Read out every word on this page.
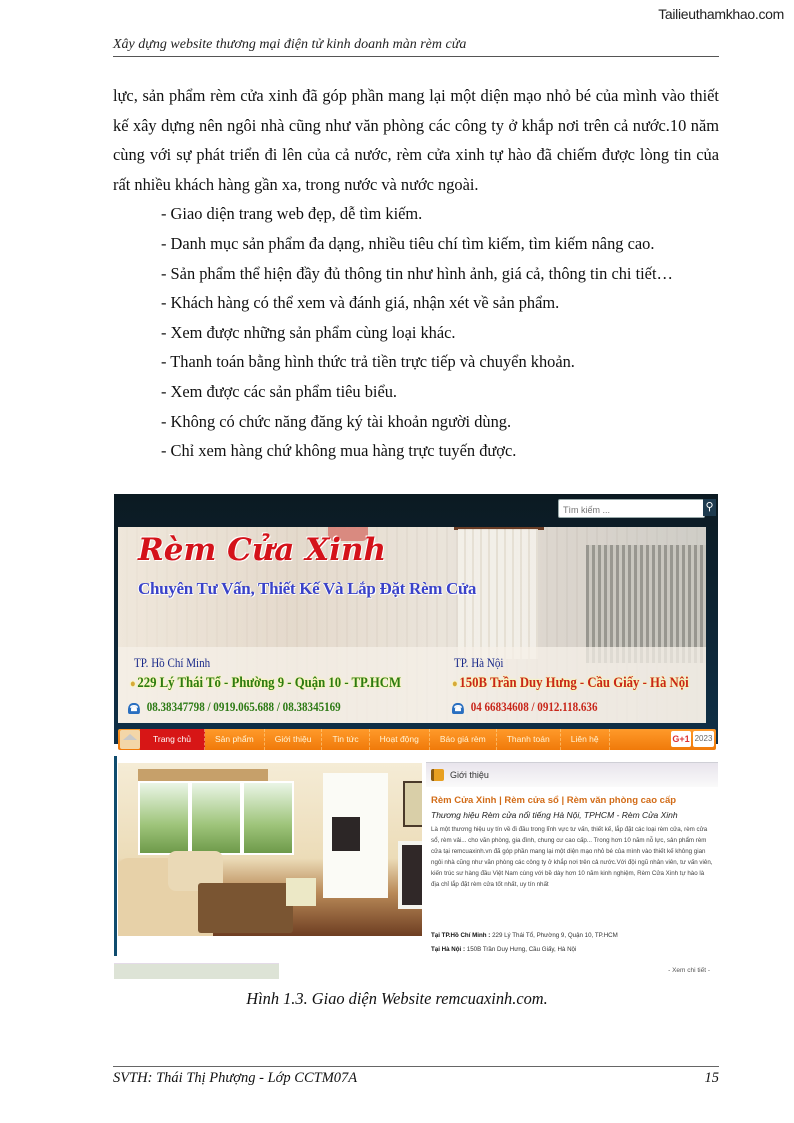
Tailieuthamkhao.com
Xây dựng website thương mại điện tử kinh doanh màn rèm cửa

lực, sản phẩm rèm cửa xinh đã góp phần mang lại một diện mạo nhỏ bé của mình vào thiết kế xây dựng nên ngôi nhà cũng như văn phòng các công ty ở khắp nơi trên cả nước.10 năm cùng với sự phát triển đi lên của cả nước, rèm cửa xinh tự hào đã chiếm được lòng tin của rất nhiều khách hàng gần xa, trong nước và nước ngoài.

- Giao diện trang web đẹp, dễ tìm kiếm.
- Danh mục sản phẩm đa dạng, nhiều tiêu chí tìm kiếm, tìm kiếm nâng cao.
- Sản phẩm thể hiện đầy đủ thông tin như hình ảnh, giá cả, thông tin chi tiết…
- Khách hàng có thể xem và đánh giá, nhận xét về sản phẩm.
- Xem được những sản phẩm cùng loại khác.
- Thanh toán bằng hình thức trả tiền trực tiếp và chuyển khoản.
- Xem được các sản phẩm tiêu biểu.
- Không có chức năng đăng ký tài khoản người dùng.
- Chỉ xem hàng chứ không mua hàng trực tuyến được.
Tìm kiếm ...
⚲
Rèm Cửa Xinh
Chuyên Tư Vấn, Thiết Kế Và Lắp Đặt Rèm Cửa
TP. Hồ Chí Minh
● 229 Lý Thái Tổ - Phường 9 - Quận 10 - TP.HCM
☎ 08.38347798 / 0919.065.688 / 08.38345169
TP. Hà Nội
● 150B Trần Duy Hưng - Cầu Giấy - Hà Nội
☎ 04 66834608 / 0912.118.636
Trang chủ	Sản phẩm	Giới thiệu	Tin tức	Hoạt động	Báo giá rèm	Thanh toán	Liên hệ	G+1 2023
Giới thiệu
Rèm Cửa Xinh | Rèm cửa sổ | Rèm văn phòng cao cấp
Thương hiệu Rèm cửa nổi tiếng Hà Nội, TPHCM - Rèm Cửa Xinh
Là một thương hiệu uy tín về đi đầu trong lĩnh vực tư vấn, thiết kế, lắp đặt các loại rèm cửa, rèm cửa sổ, rèm vải... cho văn phòng, gia đình, chung cư cao cấp... Trong hơn 10 năm nỗ lực, sản phẩm rèm cửa tại remcuaxinh.vn đã góp phần mang lại một diện mạo nhỏ bé của mình vào thiết kế không gian ngôi nhà cũng như văn phòng các công ty ở khắp nơi trên cả nước.Với đội ngũ nhân viên, tư vấn viên, kiến trúc sư hàng đầu Việt Nam cùng với bề dày hơn 10 năm kinh nghiệm, Rèm Cửa Xinh tự hào là địa chỉ lắp đặt rèm cửa tốt nhất, uy tín nhất
Tại TP.Hồ Chí Minh : 229 Lý Thái Tổ, Phường 9, Quận 10, TP.HCM
Tại Hà Nội : 150B Trần Duy Hưng, Cầu Giấy, Hà Nội
- Xem chi tiết -
Hình 1.3. Giao diện Website remcuaxinh.com.
SVTH: Thái Thị Phượng - Lớp CCTM07A	15
